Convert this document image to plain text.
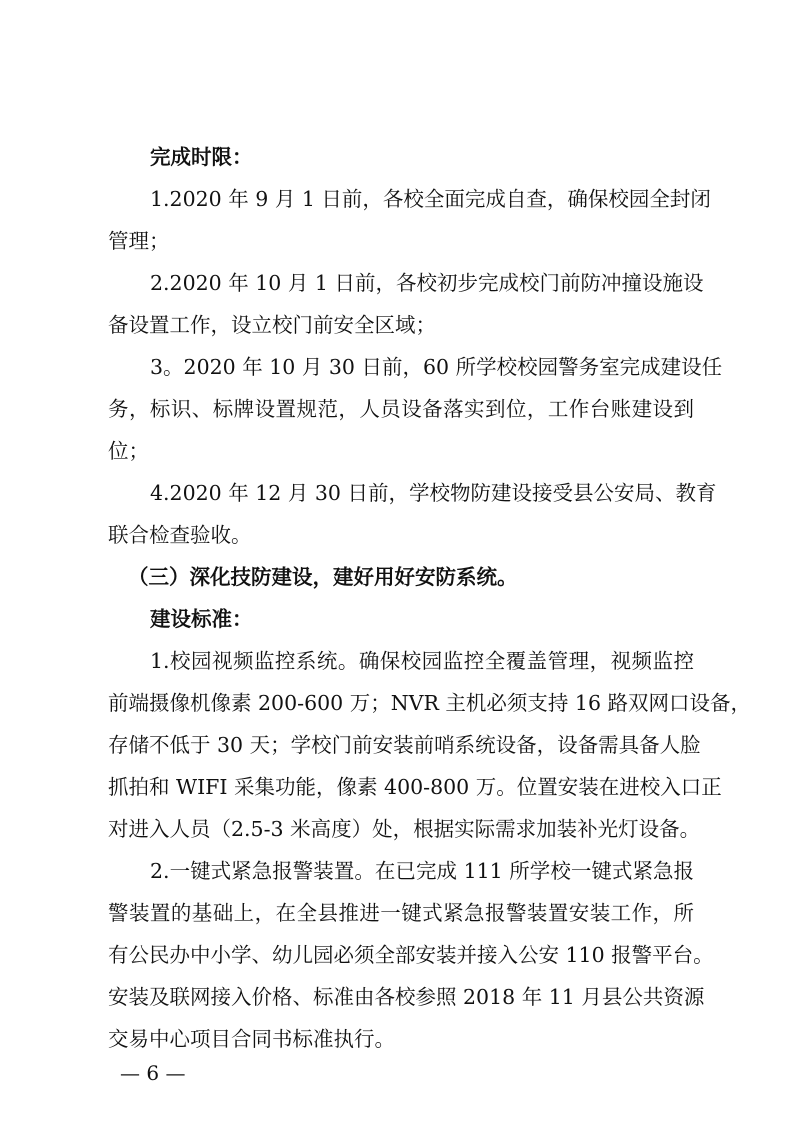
完成时限：
1.2020 年 9 月 1 日前，各校全面完成自查，确保校园全封闭
管理；
2.2020 年 10 月 1 日前，各校初步完成校门前防冲撞设施设
备设置工作，设立校门前安全区域；
3。2020 年 10 月 30 日前，60 所学校校园警务室完成建设任
务，标识、标牌设置规范，人员设备落实到位，工作台账建设到
位；
4.2020 年 12 月 30 日前，学校物防建设接受县公安局、教育
联合检查验收。
（三）深化技防建设，建好用好安防系统。
建设标准：
1.校园视频监控系统。确保校园监控全覆盖管理，视频监控
前端摄像机像素 200-600 万；NVR 主机必须支持 16 路双网口设备，
存储不低于 30 天；学校门前安装前哨系统设备，设备需具备人脸
抓拍和 WIFI 采集功能，像素 400-800 万。位置安装在进校入口正
对进入人员（2.5-3 米高度）处，根据实际需求加装补光灯设备。
2.一键式紧急报警装置。在已完成 111 所学校一键式紧急报
警装置的基础上，在全县推进一键式紧急报警装置安装工作，所
有公民办中小学、幼儿园必须全部安装并接入公安 110 报警平台。
安装及联网接入价格、标准由各校参照 2018 年 11 月县公共资源
交易中心项目合同书标准执行。
— 6 —
